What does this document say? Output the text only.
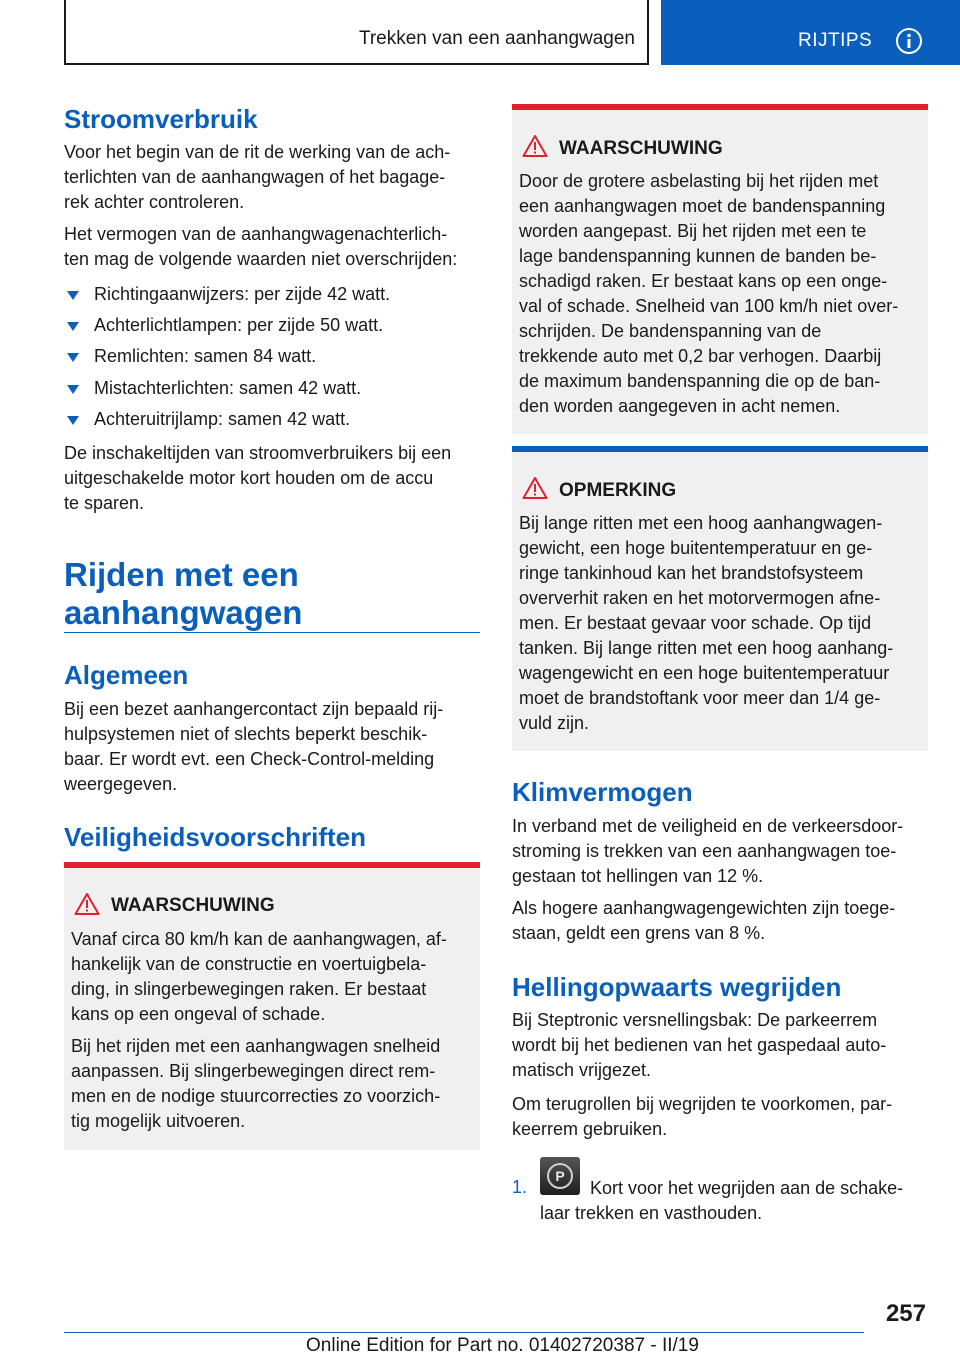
Trekken van een aanhangwagen	RIJTIPS
Stroomverbruik
Voor het begin van de rit de werking van de ach-
terlichten van de aanhangwagen of het bagage-
rek achter controleren.
Het vermogen van de aanhangwagenachterlich-
ten mag de volgende waarden niet overschrijden:
Richtingaanwijzers: per zijde 42 watt.
Achterlichtlampen: per zijde 50 watt.
Remlichten: samen 84 watt.
Mistachterlichten: samen 42 watt.
Achteruitrijlamp: samen 42 watt.
De inschakeltijden van stroomverbruikers bij een
uitgeschakelde motor kort houden om de accu
te sparen.
Rijden met een
aanhangwagen
Algemeen
Bij een bezet aanhangercontact zijn bepaald rij-
hulpsystemen niet of slechts beperkt beschik-
baar. Er wordt evt. een Check-Control-melding
weergegeven.
Veiligheidsvoorschriften
WAARSCHUWING
Vanaf circa 80 km/h kan de aanhangwagen, af-
hankelijk van de constructie en voertuigbela-
ding, in slingerbewegingen raken. Er bestaat
kans op een ongeval of schade.
Bij het rijden met een aanhangwagen snelheid
aanpassen. Bij slingerbewegingen direct rem-
men en de nodige stuurcorrecties zo voorzich-
tig mogelijk uitvoeren.
WAARSCHUWING
Door de grotere asbelasting bij het rijden met
een aanhangwagen moet de bandenspanning
worden aangepast. Bij het rijden met een te
lage bandenspanning kunnen de banden be-
schadigd raken. Er bestaat kans op een onge-
val of schade. Snelheid van 100 km/h niet over-
schrijden. De bandenspanning van de
trekkende auto met 0,2 bar verhogen. Daarbij
de maximum bandenspanning die op de ban-
den worden aangegeven in acht nemen.
OPMERKING
Bij lange ritten met een hoog aanhangwagen-
gewicht, een hoge buitentemperatuur en ge-
ringe tankinhoud kan het brandstofsysteem
oververhit raken en het motorvermogen afne-
men. Er bestaat gevaar voor schade. Op tijd
tanken. Bij lange ritten met een hoog aanhang-
wagengewicht en een hoge buitentemperatuur
moet de brandstoftank voor meer dan 1/4 ge-
vuld zijn.
Klimvermogen
In verband met de veiligheid en de verkeersdoor-
stroming is trekken van een aanhangwagen toe-
gestaan tot hellingen van 12 %.
Als hogere aanhangwagengewichten zijn toege-
staan, geldt een grens van 8 %.
Hellingopwaarts wegrijden
Bij Steptronic versnellingsbak: De parkeerrem
wordt bij het bedienen van het gaspedaal auto-
matisch vrijgezet.
Om terugrollen bij wegrijden te voorkomen, par-
keerrem gebruiken.
1.
P
Kort voor het wegrijden aan de schake-
laar trekken en vasthouden.
257
Online Edition for Part no. 01402720387 - II/19
